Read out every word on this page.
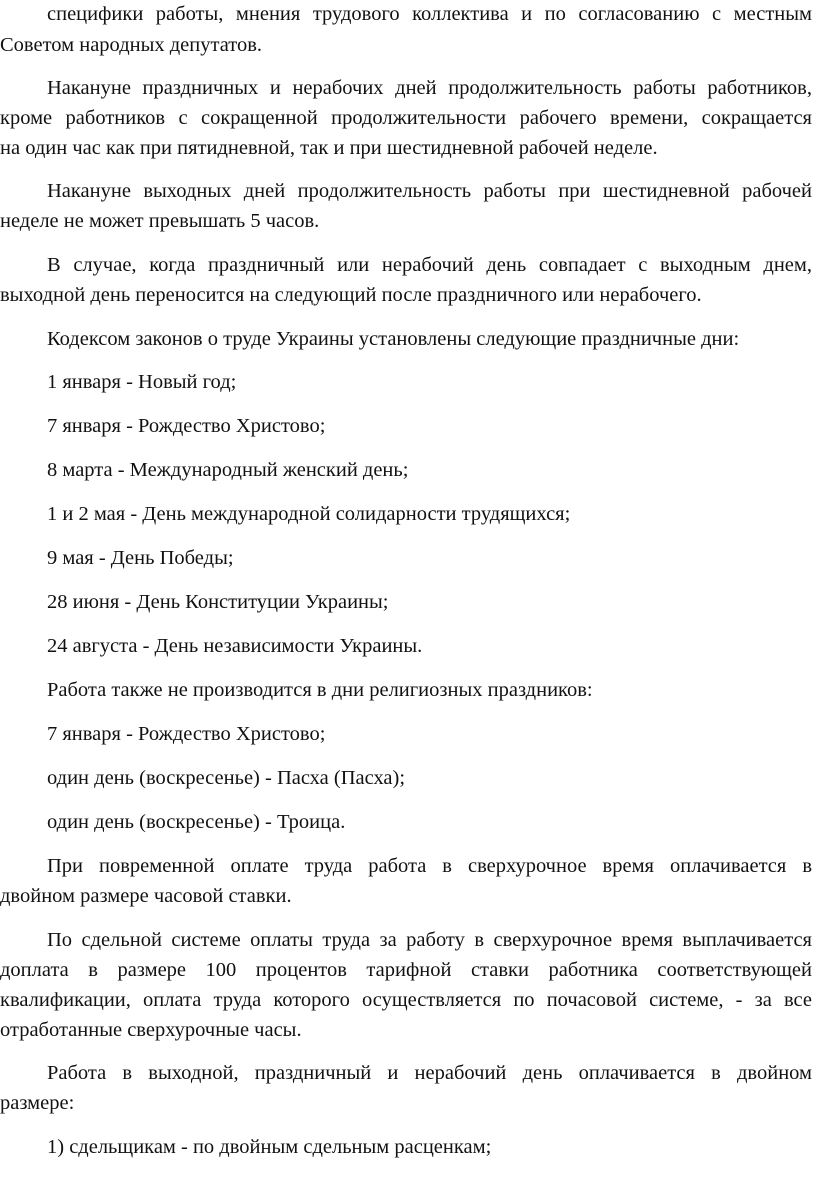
специфики работы, мнения трудового коллектива и по согласованию с местным
Советом народных депутатов.
Накануне праздничных и нерабочих дней продолжительность работы работников,
кроме работников с сокращенной продолжительности рабочего времени, сокращается
на один час как при пятидневной, так и при шестидневной рабочей неделе.
Накануне выходных дней продолжительность работы при шестидневной рабочей
неделе не может превышать 5 часов.
В случае, когда праздничный или нерабочий день совпадает с выходным днем,
выходной день переносится на следующий после праздничного или нерабочего.
Кодексом законов о труде Украины установлены следующие праздничные дни:
1 января - Новый год;
7 января - Рождество Христово;
8 марта - Международный женский день;
1 и 2 мая - День международной солидарности трудящихся;
9 мая - День Победы;
28 июня - День Конституции Украины;
24 августа - День независимости Украины.
Работа также не производится в дни религиозных праздников:
7 января - Рождество Христово;
один день (воскресенье) - Пасха (Пасха);
один день (воскресенье) - Троица.
При повременной оплате труда работа в сверхурочное время оплачивается в
двойном размере часовой ставки.
По сдельной системе оплаты труда за работу в сверхурочное время выплачивается
доплата в размере 100 процентов тарифной ставки работника соответствующей
квалификации, оплата труда которого осуществляется по почасовой системе, - за все
отработанные сверхурочные часы.
Работа в выходной, праздничный и нерабочий день оплачивается в двойном
размере:
1) сдельщикам - по двойным сдельным расценкам;
